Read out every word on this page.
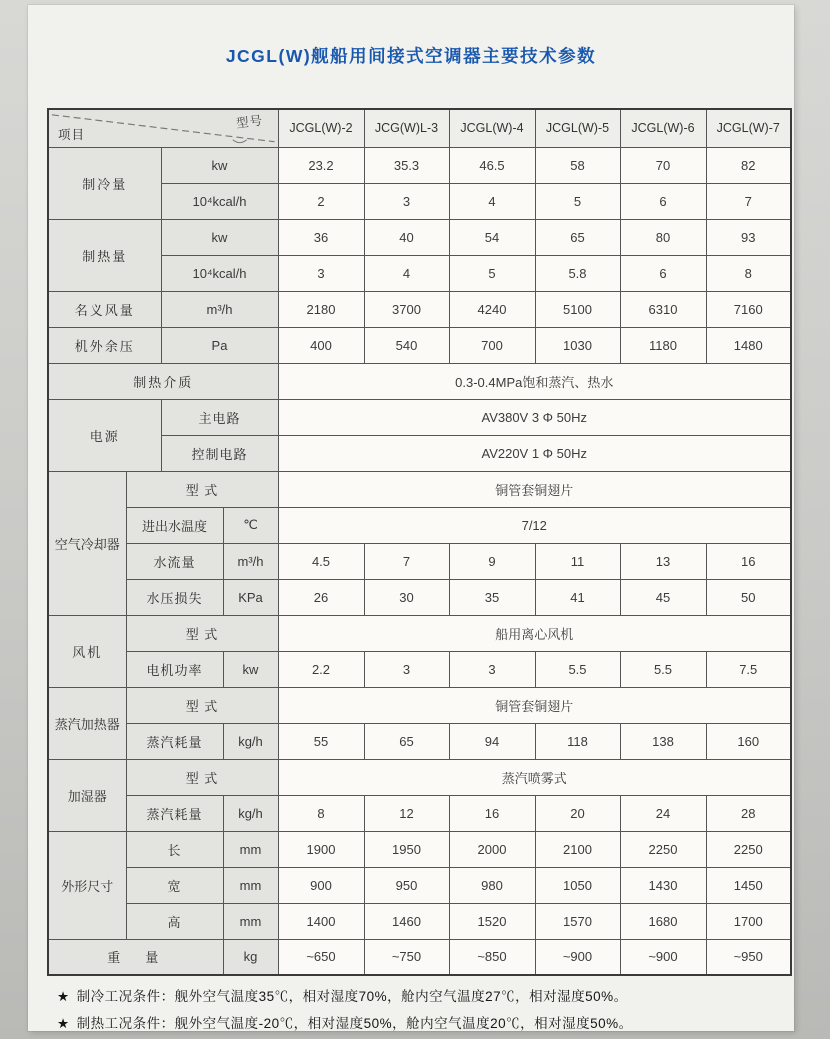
JCGL(W)舰船用间接式空调器主要技术参数
项目
型号				JCGL(W)-2	JCG(W)L-3	JCGL(W)-4	JCGL(W)-5	JCGL(W)-6	JCGL(W)-7
制冷量		kw		23.2	35.3	46.5	58	70	82
		10⁴kcal/h		2	3	4	5	6	7
制热量		kw		36	40	54	65	80	93
		10⁴kcal/h		3	4	5	5.8	6	8
名义风量		m³/h		2180	3700	4240	5100	6310	7160
机外余压		Pa		400	540	700	1030	1180	1480
制热介质				0.3-0.4MPa饱和蒸汽、热水					
电源		主电路		AV380V 3 Φ 50Hz					
		控制电路		AV220V 1 Φ 50Hz					
空气冷却器	型 式			铜管套铜翅片					
	进出水温度		℃	7/12					
	水流量		m³/h	4.5	7	9	11	13	16
	水压损失		KPa	26	30	35	41	45	50
风机	型 式			船用离心风机					
	电机功率		kw	2.2	3	3	5.5	5.5	7.5
蒸汽加热器	型 式			铜管套铜翅片					
	蒸汽耗量		kg/h	55	65	94	118	138	160
加湿器	型 式			蒸汽喷雾式					
	蒸汽耗量		kg/h	8	12	16	20	24	28
外形尺寸	长		mm	1900	1950	2000	2100	2250	2250
	宽		mm	900	950	980	1050	1430	1450
	高		mm	1400	1460	1520	1570	1680	1700
重　量			kg	~650	~750	~850	~900	~900	~950
★ 制冷工况条件：舰外空气温度35℃，相对湿度70%，舱内空气温度27℃，相对湿度50%。
★ 制热工况条件：舰外空气温度-20℃，相对湿度50%，舱内空气温度20℃，相对湿度50%。
